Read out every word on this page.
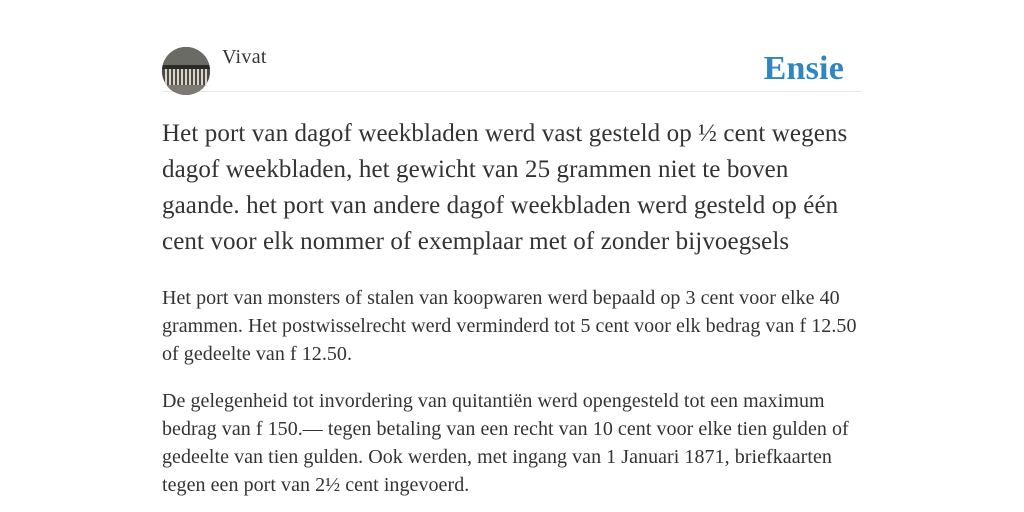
Vivat	Ensie
Het port van dagof weekbladen werd vast gesteld op ½ cent wegens dagof weekbladen, het gewicht van 25 grammen niet te boven gaande. het port van andere dagof weekbladen werd gesteld op één cent voor elk nommer of exemplaar met of zonder bijvoegsels

Het port van monsters of stalen van koopwaren werd bepaald op 3 cent voor elke 40 grammen. Het postwisselrecht werd verminderd tot 5 cent voor elk bedrag van f 12.50 of gedeelte van f 12.50.

De gelegenheid tot invordering van quitantiën werd opengesteld tot een maximum bedrag van f 150.— tegen betaling van een recht van 10 cent voor elke tien gulden of gedeelte van tien gulden. Ook werden, met ingang van 1 Januari 1871, briefkaarten tegen een port van 2½ cent ingevoerd.
